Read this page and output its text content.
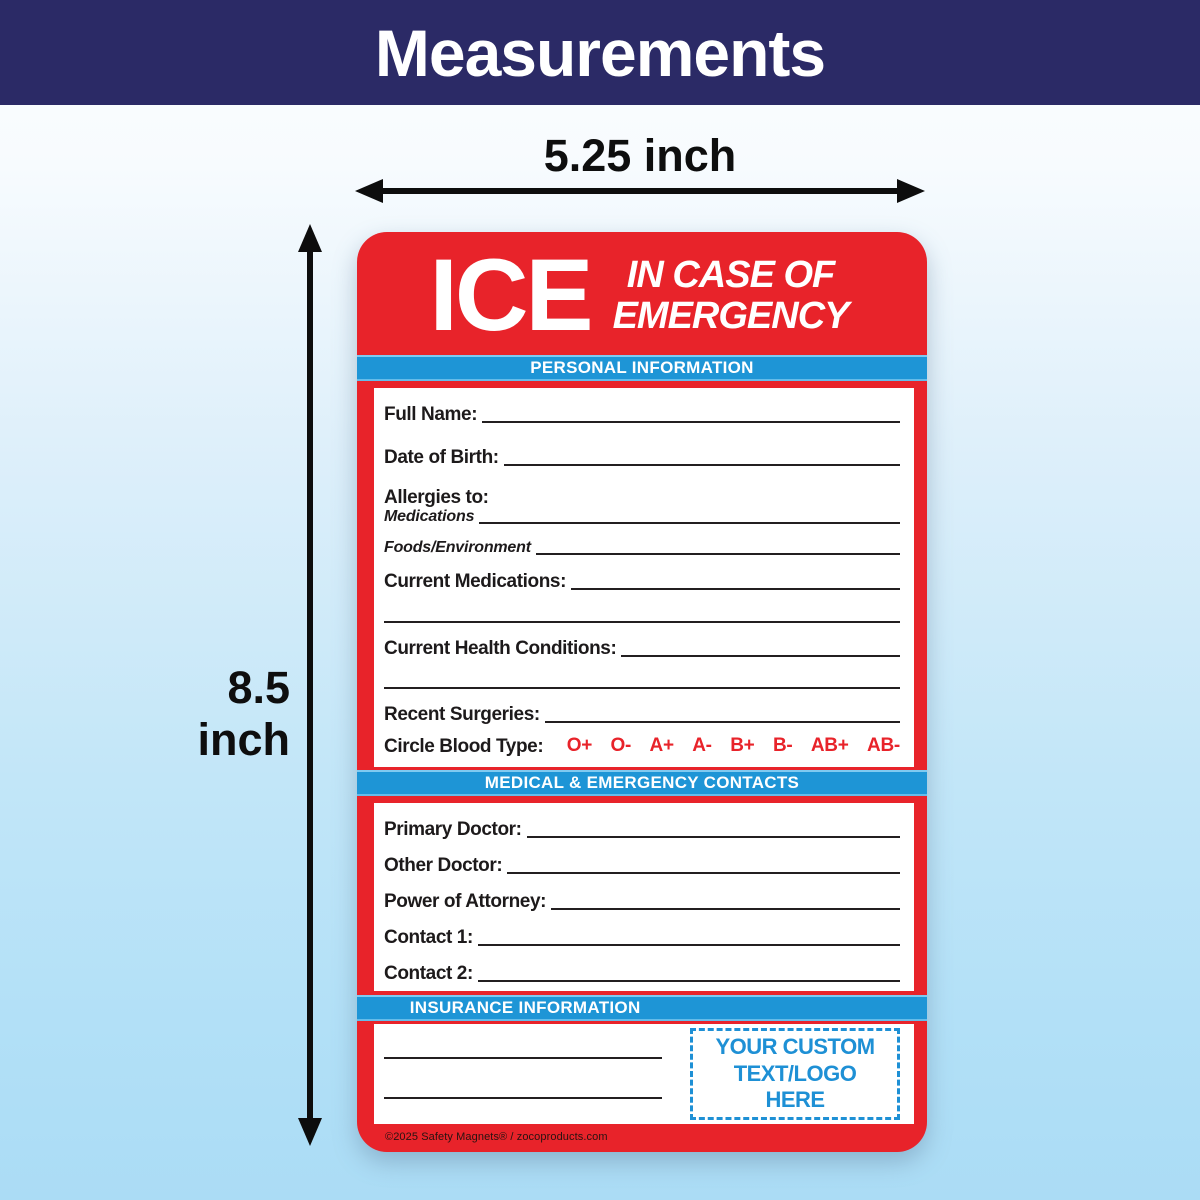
Measurements
5.25 inch
8.5 inch
ICE IN CASE OF
EMERGENCY
PERSONAL INFORMATION
Full Name:
Date of Birth:
Allergies to:
Medications
Foods/Environment
Current Medications:
Current Health Conditions:
Recent Surgeries:
Circle Blood Type: O+ O- A+ A- B+ B- AB+ AB-
MEDICAL & EMERGENCY CONTACTS
Primary Doctor:
Other Doctor:
Power of Attorney:
Contact 1:
Contact 2:
INSURANCE INFORMATION
YOUR CUSTOM
TEXT/LOGO
HERE
©2025 Safety Magnets® / zocoproducts.com
